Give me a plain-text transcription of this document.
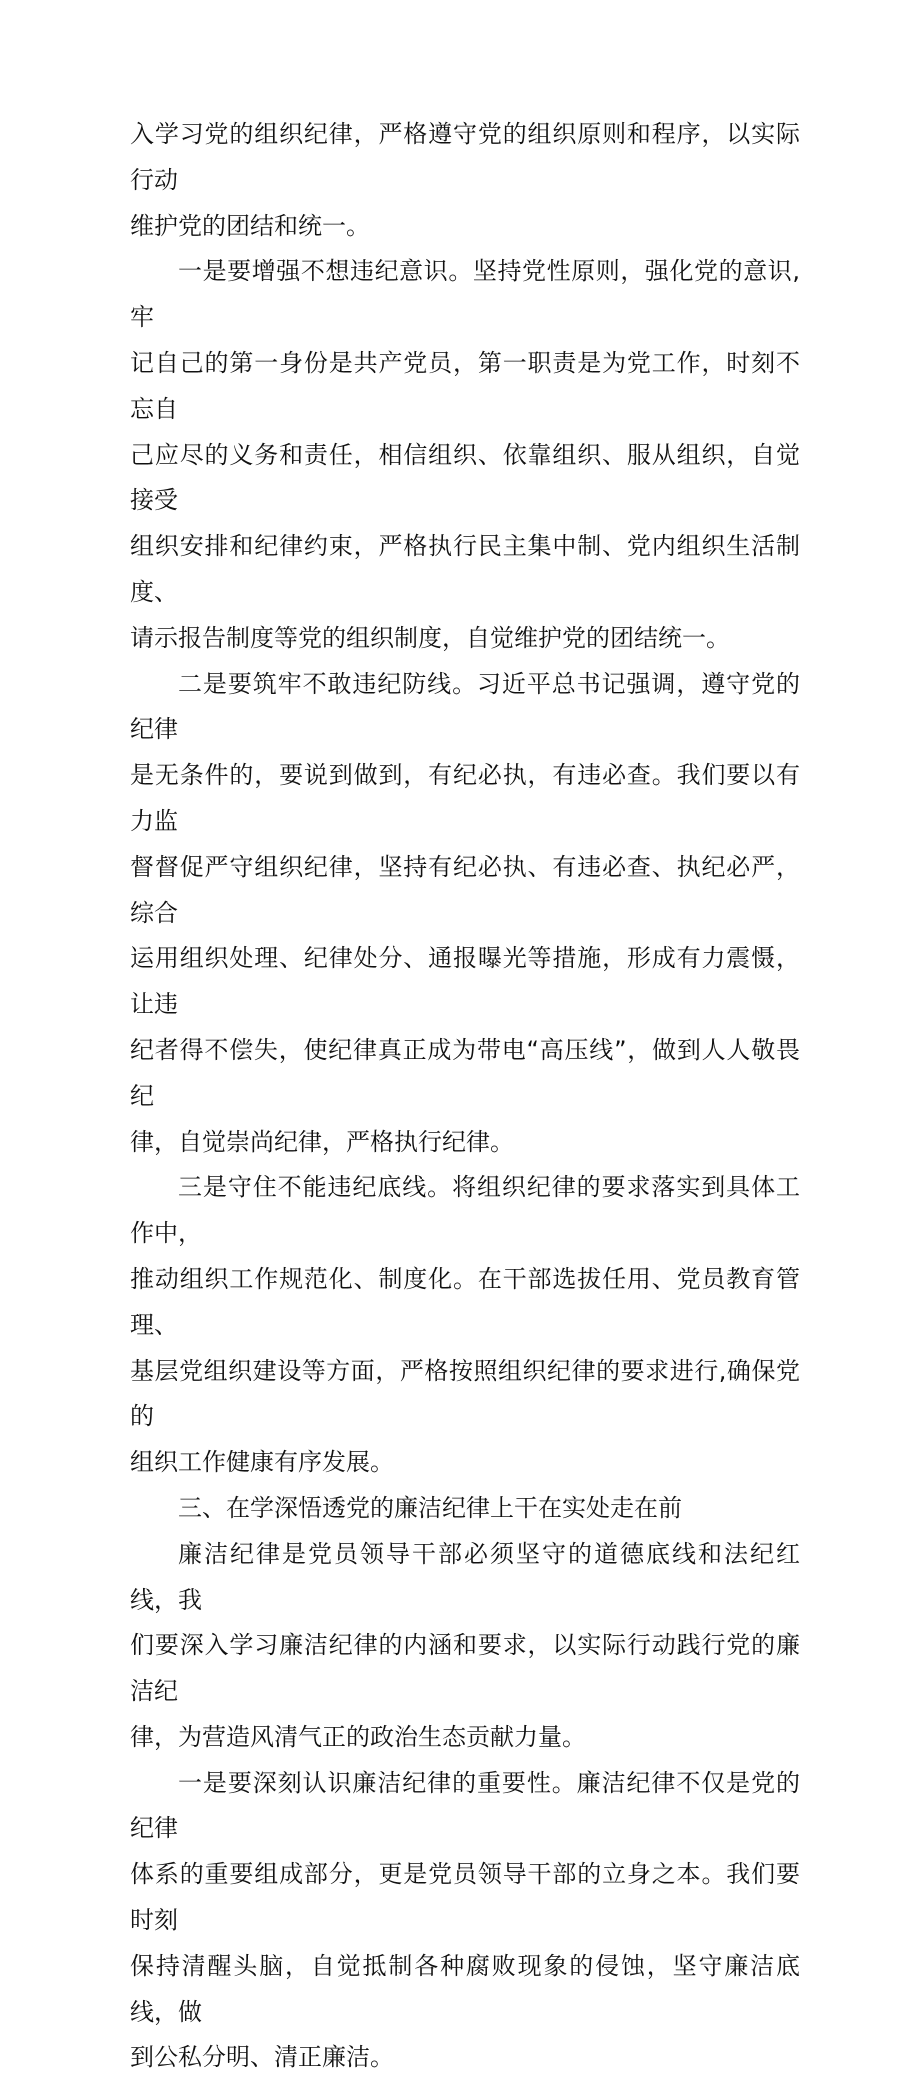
入学习党的组织纪律，严格遵守党的组织原则和程序，以实际行动
维护党的团结和统一。

一是要增强不想违纪意识。坚持党性原则，强化党的意识,牢
记自己的第一身份是共产党员，第一职责是为党工作，时刻不忘自
己应尽的义务和责任，相信组织、依靠组织、服从组织，自觉接受
组织安排和纪律约束，严格执行民主集中制、党内组织生活制度、
请示报告制度等党的组织制度，自觉维护党的团结统一。

二是要筑牢不敢违纪防线。习近平总书记强调，遵守党的纪律
是无条件的，要说到做到，有纪必执，有违必查。我们要以有力监
督督促严守组织纪律，坚持有纪必执、有违必查、执纪必严，综合
运用组织处理、纪律处分、通报曝光等措施，形成有力震慑，让违
纪者得不偿失，使纪律真正成为带电“高压线”，做到人人敬畏纪
律，自觉崇尚纪律，严格执行纪律。

三是守住不能违纪底线。将组织纪律的要求落实到具体工作中，
推动组织工作规范化、制度化。在干部选拔任用、党员教育管理、
基层党组织建设等方面，严格按照组织纪律的要求进行,确保党的
组织工作健康有序发展。

三、在学深悟透党的廉洁纪律上干在实处走在前

廉洁纪律是党员领导干部必须坚守的道德底线和法纪红线，我
们要深入学习廉洁纪律的内涵和要求，以实际行动践行党的廉洁纪
律，为营造风清气正的政治生态贡献力量。

一是要深刻认识廉洁纪律的重要性。廉洁纪律不仅是党的纪律
体系的重要组成部分，更是党员领导干部的立身之本。我们要时刻
保持清醒头脑，自觉抵制各种腐败现象的侵蚀，坚守廉洁底线，做
到公私分明、清正廉洁。
